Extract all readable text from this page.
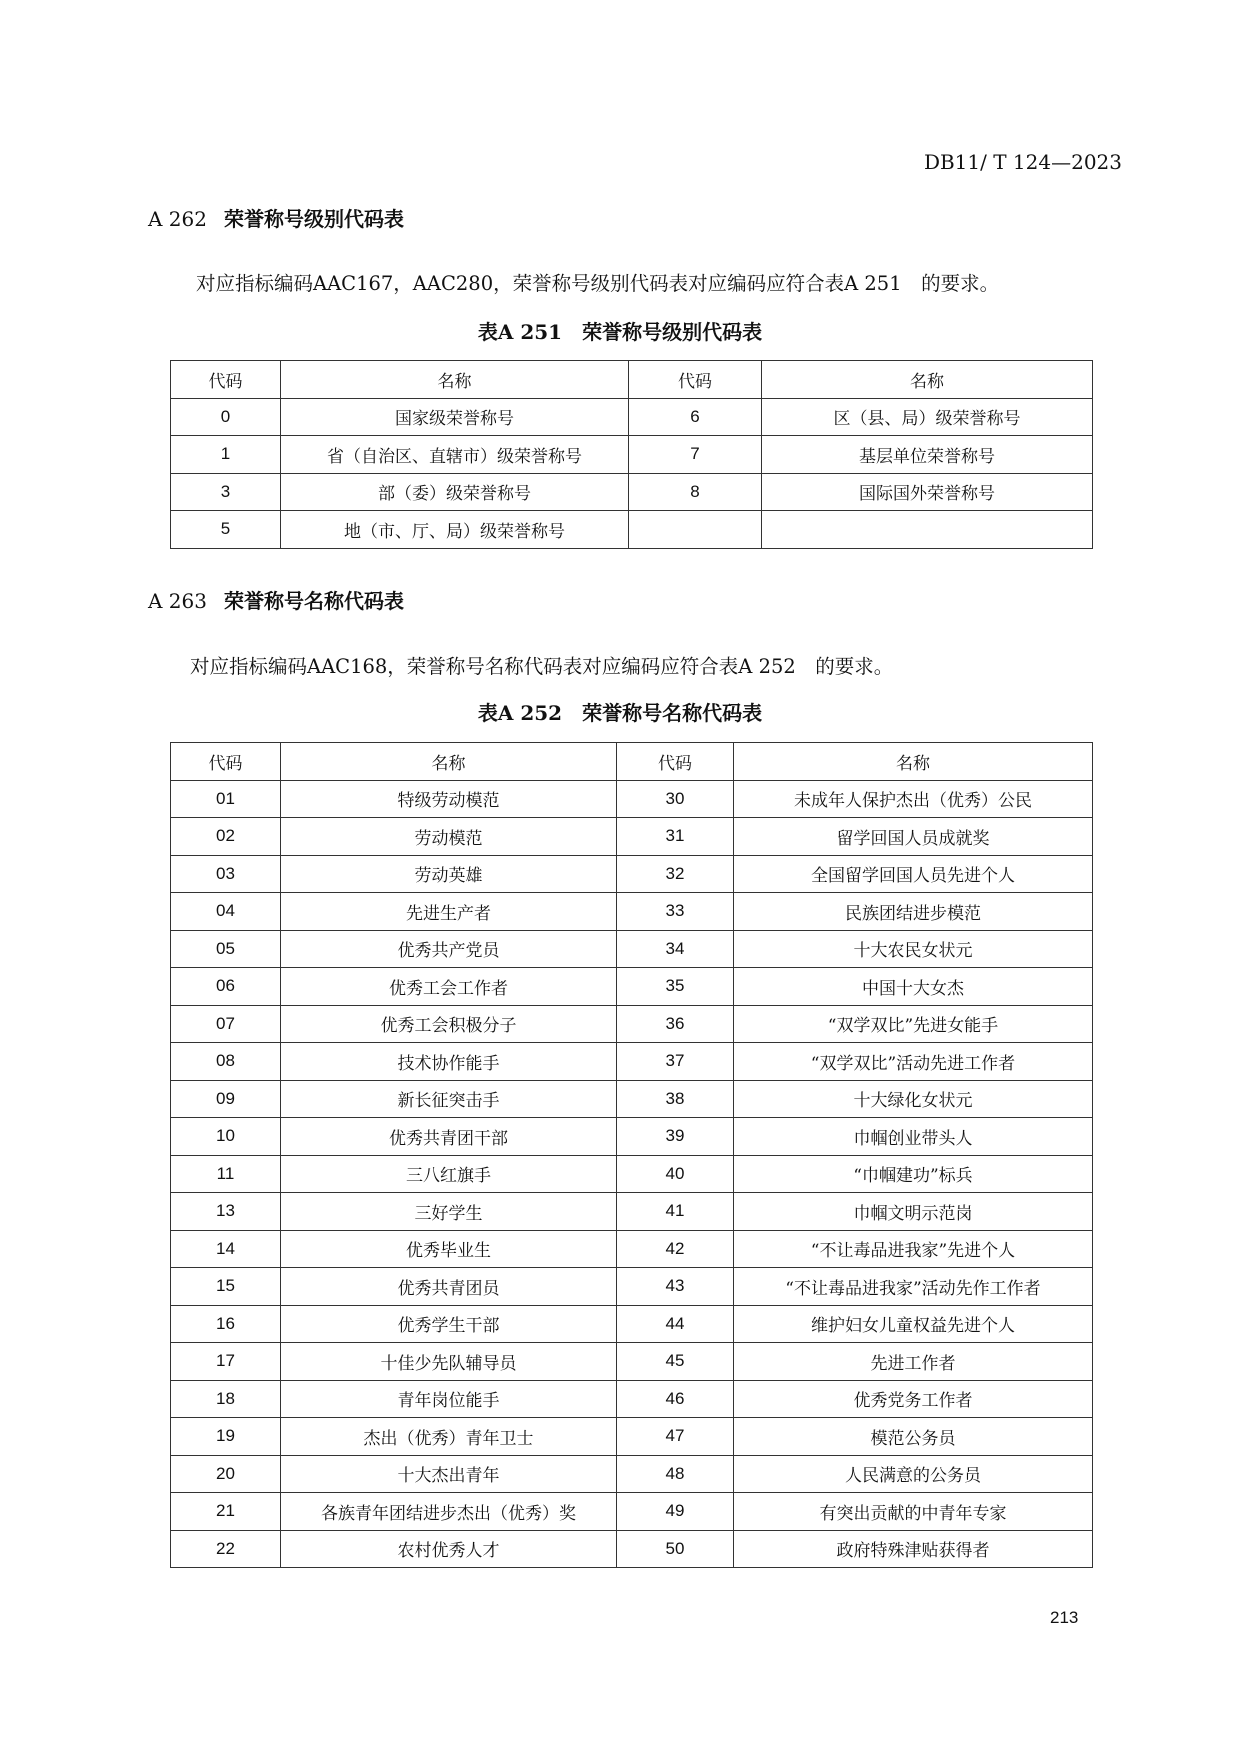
DB11/ T 124—2023
A 262 荣誉称号级别代码表
对应指标编码AAC167，AAC280，荣誉称号级别代码表对应编码应符合表A 251　的要求。
表A 251　荣誉称号级别代码表
代码	名称	代码	名称
0	国家级荣誉称号	6	区（县、局）级荣誉称号
1	省（自治区、直辖市）级荣誉称号	7	基层单位荣誉称号
3	部（委）级荣誉称号	8	国际国外荣誉称号
5	地（市、厅、局）级荣誉称号		
A 263 荣誉称号名称代码表
对应指标编码AAC168，荣誉称号名称代码表对应编码应符合表A 252　的要求。
表A 252　荣誉称号名称代码表
代码	名称	代码	名称
01	特级劳动模范	30	未成年人保护杰出（优秀）公民
02	劳动模范	31	留学回国人员成就奖
03	劳动英雄	32	全国留学回国人员先进个人
04	先进生产者	33	民族团结进步模范
05	优秀共产党员	34	十大农民女状元
06	优秀工会工作者	35	中国十大女杰
07	优秀工会积极分子	36	“双学双比”先进女能手
08	技术协作能手	37	“双学双比”活动先进工作者
09	新长征突击手	38	十大绿化女状元
10	优秀共青团干部	39	巾帼创业带头人
11	三八红旗手	40	“巾帼建功”标兵
13	三好学生	41	巾帼文明示范岗
14	优秀毕业生	42	“不让毒品进我家”先进个人
15	优秀共青团员	43	“不让毒品进我家”活动先作工作者
16	优秀学生干部	44	维护妇女儿童权益先进个人
17	十佳少先队辅导员	45	先进工作者
18	青年岗位能手	46	优秀党务工作者
19	杰出（优秀）青年卫士	47	模范公务员
20	十大杰出青年	48	人民满意的公务员
21	各族青年团结进步杰出（优秀）奖	49	有突出贡献的中青年专家
22	农村优秀人才	50	政府特殊津贴获得者
213
